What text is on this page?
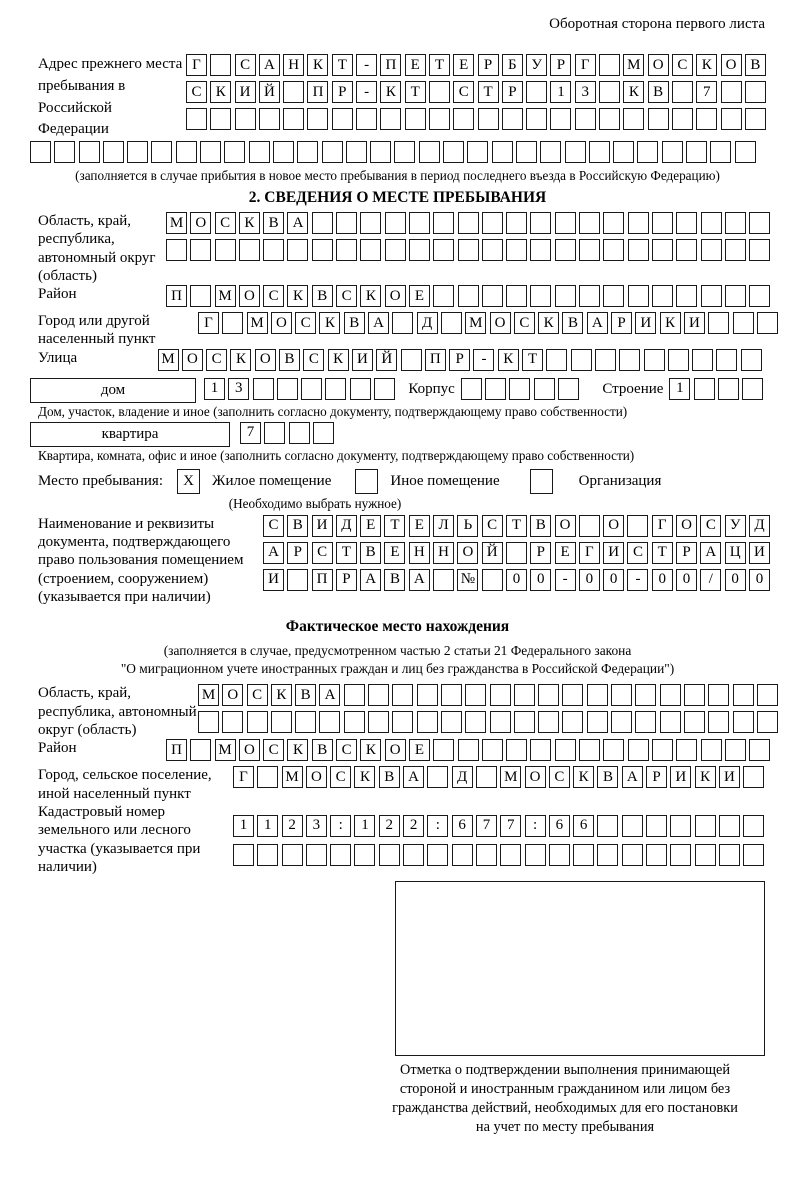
Оборотная сторона первого листа
Адрес прежнего места пребывания в Российской Федерации
Г	С А Н К Т	-	П Е	Т	Е	Р	Б У Р	Г	М О С К О В
С К И Й	П Р	-	К Т	С Т	Р	1	3	К В	7
(заполняется в случае прибытия в новое место пребывания в период последнего въезда в Российскую Федерацию)
2. СВЕДЕНИЯ О МЕСТЕ ПРЕБЫВАНИЯ
Область, край, республика, автономный округ (область)
М О С К В А
Район	П	М О С К В С К О Е
Город или другой населенный пункт
Г	М О С К В А	Д	М О С К В А Р И К И
Улица	М О С К О В С К И Й	П Р	-	К Т
дом	1	3	Корпус	Строение 1
Дом, участок, владение и иное (заполнить согласно документу, подтверждающему право собственности)
квартира	7
Квартира, комната, офис и иное (заполнить согласно документу, подтверждающему право собственности)
Место пребывания:	X	Жилое помещение	Иное помещение	Организация
(Необходимо выбрать нужное)
Наименование и реквизиты документа, подтверждающего право пользования помещением (строением, сооружением) (указывается при наличии)
С В И Д Е	Т	Е Л Ь С Т В О	О	Г О С У Д
А Р	С Т В Е Н Н О Й	Р	Е	Г И С Т	Р А Ц И
И	П Р А В А	№	0	0	-	0	0	-	0	0	/	0	0
Фактическое место нахождения
(заполняется в случае, предусмотренном частью 2 статьи 21 Федерального закона
"О миграционном учете иностранных граждан и лиц без гражданства в Российской Федерации")
Область, край, республика, автономный округ (область)
М О С К В А
Район	П	М О С К В С К О Е
Город, сельское поселение, иной населенный пункт
Г	М О С К В А	Д	М О С К В А Р И К И
Кадастровый номер земельного или лесного участка (указывается при наличии)
1	1	2	3	:	1	2	2	:	6	7	7	:	6	6
Отметка о подтверждении выполнения принимающей
стороной и иностранным гражданином или лицом без
гражданства действий, необходимых для его постановки
на учет по месту пребывания
